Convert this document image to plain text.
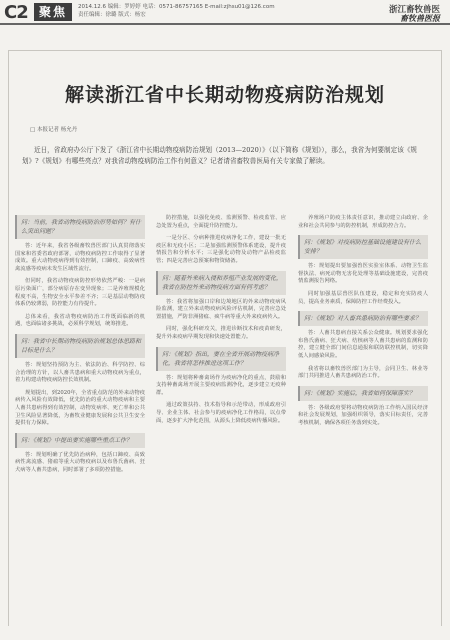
C2 聚焦	2014.12.6 编辑：罗婷婷 电话：0571-86757165 E-mail:zjhsu01@126.com
责任编辑：徐璐 版式：杨宏	浙江畜牧兽医
畜牧兽医报
解读浙江省中长期动物疫病防治规划
□ 本报记者 杨允丹

近日，省政府办公厅下发了《浙江省中长期动物疫病防治规划（2013—2020）》（以下简称《规划》），那么，我省为何要制定该《规划》?《规划》有哪些亮点？对我省动物疫病防治工作有何意义？记者请省畜牧兽医局有关专家做了解读。

问：当前，我省动物疫病防治形势如何？有什么突出问题？

答：近年来，我省各级畜牧兽医部门认真贯彻落实国家和省委省政府部署，动物疫病防控工作取得了显著成效。重大动物疫病得到有效控制，口蹄疫、高致病性禽流感等疫病未发生区域性流行。

但同时，我省动物疫病防控形势依然严峻：一是病原污染面广，部分病原存在变异现象；二是养殖规模化程度不高，生物安全水平参差不齐；三是基层动物防疫体系仍较薄弱，防控能力有待提升。

总体来看，我省动物疫病防治工作既面临新的机遇，也面临诸多挑战，必须科学规划，统筹推进。

问：我省中长期动物疫病防治规划总体思路和目标是什么？

答：规划坚持预防为主、依法防治、科学防控、综合治理的方针，以人畜共患病和重大动物疫病为重点，着力构建动物疫病防控长效机制。

规划提出，到2020年，全省重点防范的外来动物疫病传入风险有效降低，优先防治的重大动物疫病和主要人畜共患病得到有效控制，动物发病率、死亡率和公共卫生风险显著降低，为畜牧业健康发展和公共卫生安全提供有力保障。

问：《规划》中提出要实施哪些重点工作？

答：规划明确了优先防治病种，包括口蹄疫、高致病性禽流感、猪瘟等重大动物疫病以及布鲁氏菌病、狂犬病等人畜共患病，同时部署了多项防控措施。

防控措施，以强化免疫、监测预警、检疫监管、应急处置为重点，全面提升防控能力。

一是分区、分病种推进疫病净化工作，建设一批无疫区和无疫小区；二是加强监测预警体系建设，提升疫情报告和分析水平；三是强化动物及动物产品检疫监管；四是完善应急预案和物资储备。

问：随着外来病入侵和养殖产业发展的变化，我省在防控外来动物疫病方面有何考虑？

答：我省将加强口岸和边境地区的外来动物疫病风险监测，建立外来动物疫病风险评估机制，完善应急处置措施，严防非洲猪瘟、疯牛病等重大外来疫病传入。

同时，强化科研攻关，推进诊断技术和疫苗研发，提升外来疫病早期发现和快速处置能力。

问：《规划》指出，要在全省开展动物疫病净化，我省将怎样推进这项工作？

答：规划将种畜禽场作为疫病净化的重点，鼓励和支持种畜禽场开展主要疫病监测净化，逐步建立无疫种群。

通过政策扶持、技术指导和示范带动，形成政府引导、企业主体、社会参与的疫病净化工作格局，以点带面，逐步扩大净化范围，从源头上降低疫病传播风险。

养殖场户防疫主体责任意识，推动建立由政府、企业和社会共同参与的防控机制，形成防控合力。

问：《规划》对疫病防控基础设施建设有什么安排？

答：规划提出要加强兽医实验室体系、动物卫生监督执法、病死动物无害化处理等基础设施建设，完善疫情监测报告网络。

同时加强基层兽医队伍建设，稳定和充实防疫人员，提高业务素质，保障防控工作经费投入。

问：《规划》对人畜共患病防治有哪些要求？

答：人畜共患病直接关系公众健康。规划要求强化布鲁氏菌病、狂犬病、结核病等人畜共患病的监测和防控，建立健全部门间信息通报和联防联控机制，切实降低人间感染风险。

我省将以畜牧兽医部门为主导，会同卫生、林业等部门共同推进人畜共患病防治工作。

问：《规划》实施后，我省如何保障落实？

答：各级政府要将动物疫病防治工作纳入国民经济和社会发展规划，加强组织领导，落实目标责任，完善考核机制，确保各项任务落到实处。
